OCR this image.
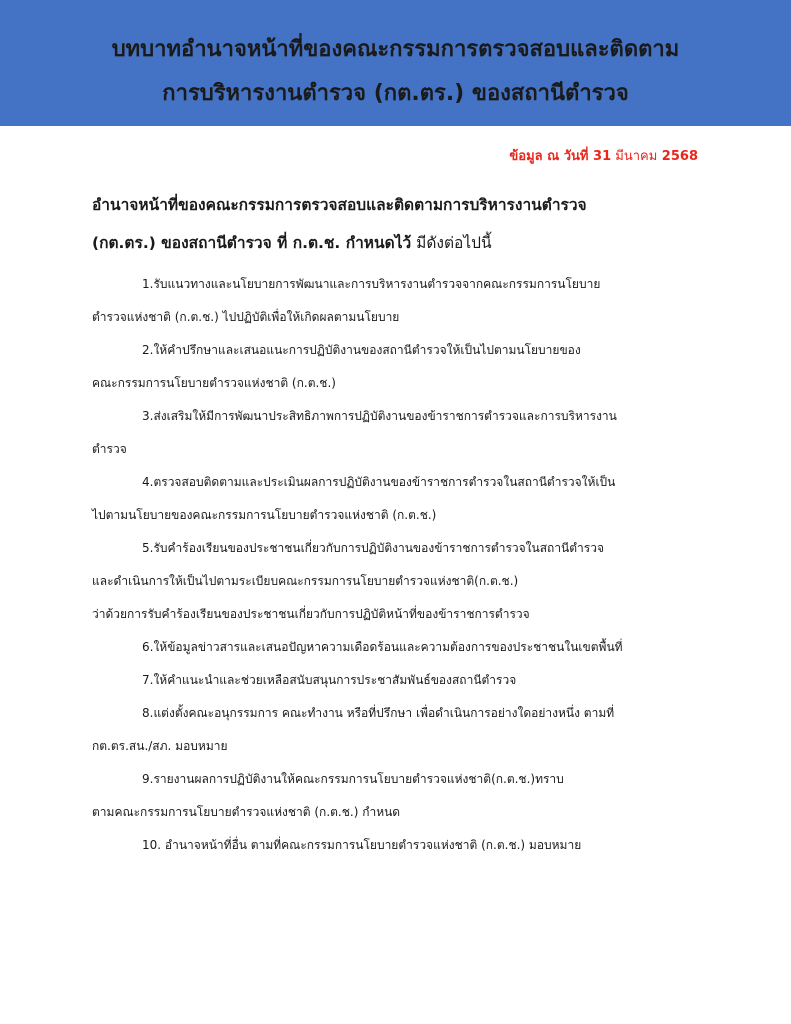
บทบาทอำนาจหน้าที่ของคณะกรรมการตรวจสอบและติดตาม
การบริหารงานตำรวจ (กต.ตร.) ของสถานีตำรวจ
ข้อมูล ณ วันที่ 31 มีนาคม 2568
อำนาจหน้าที่ของคณะกรรมการตรวจสอบและติดตามการบริหารงานตำรวจ
(กต.ตร.) ของสถานีตำรวจ ที่ ก.ต.ช. กำหนดไว้ มีดังต่อไปนี้
1.รับแนวทางและนโยบายการพัฒนาและการบริหารงานตำรวจจากคณะกรรมการนโยบาย
ตำรวจแห่งชาติ (ก.ต.ช.) ไปปฏิบัติเพื่อให้เกิดผลตามนโยบาย
2.ให้คำปรึกษาและเสนอแนะการปฏิบัติงานของสถานีตำรวจให้เป็นไปตามนโยบายของ
คณะกรรมการนโยบายตำรวจแห่งชาติ (ก.ต.ช.)
3.ส่งเสริมให้มีการพัฒนาประสิทธิภาพการปฏิบัติงานของข้าราชการตำรวจและการบริหารงาน
ตำรวจ
4.ตรวจสอบติดตามและประเมินผลการปฏิบัติงานของข้าราชการตำรวจในสถานีตำรวจให้เป็น
ไปตามนโยบายของคณะกรรมการนโยบายตำรวจแห่งชาติ (ก.ต.ช.)
5.รับคำร้องเรียนของประชาชนเกี่ยวกับการปฏิบัติงานของข้าราชการตำรวจในสถานีตำรวจ
และดำเนินการให้เป็นไปตามระเบียบคณะกรรมการนโยบายตำรวจแห่งชาติ(ก.ต.ช.)
ว่าด้วยการรับคำร้องเรียนของประชาชนเกี่ยวกับการปฏิบัติหน้าที่ของข้าราชการตำรวจ
6.ให้ข้อมูลข่าวสารและเสนอปัญหาความเดือดร้อนและความต้องการของประชาชนในเขตพื้นที่
7.ให้คำแนะนำและช่วยเหลือสนับสนุนการประชาสัมพันธ์ของสถานีตำรวจ
8.แต่งตั้งคณะอนุกรรมการ คณะทำงาน หรือที่ปรึกษา เพื่อดำเนินการอย่างใดอย่างหนึ่ง ตามที่
กต.ตร.สน./สภ. มอบหมาย
9.รายงานผลการปฏิบัติงานให้คณะกรรมการนโยบายตำรวจแห่งชาติ(ก.ต.ช.)ทราบ
ตามคณะกรรมการนโยบายตำรวจแห่งชาติ (ก.ต.ช.) กำหนด
10. อำนาจหน้าที่อื่น ตามที่คณะกรรมการนโยบายตำรวจแห่งชาติ (ก.ต.ช.) มอบหมาย
